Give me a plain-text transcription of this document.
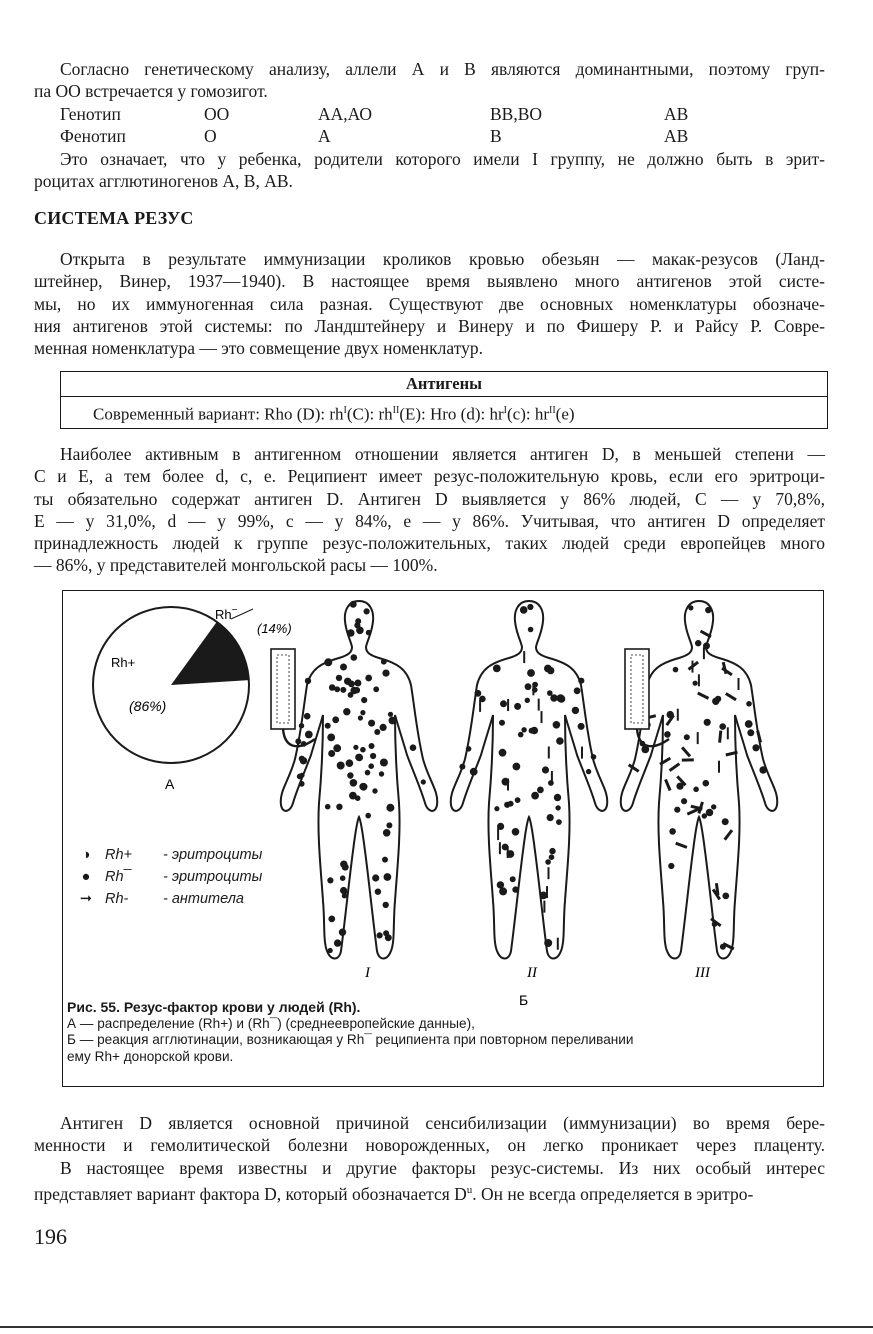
Согласно генетическому анализу, аллели А и В являются доминантными, поэтому груп-
па ОО встречается у гомозигот.
Генотип	ОО	АА,АО	ВВ,ВО	АВ
Фенотип	О	А	В	АВ
Это означает, что у ребенка, родители которого имели I группу, не должно быть в эрит-
роцитах агглютиногенов А, В, АВ.
СИСТЕМА РЕЗУС
Открыта в результате иммунизации кроликов кровью обезьян — макак-резусов (Ланд-
штейнер, Винер, 1937—1940). В настоящее время выявлено много антигенов этой систе-
мы, но их иммуногенная сила разная. Существуют две основных номенклатуры обозначе-
ния антигенов этой системы: по Ландштейнеру и Винеру и по Фишеру Р. и Райсу Р. Совре-
менная номенклатура — это совмещение двух номенклатур.
Антигены
Современный вариант: Rho (D): $rh^I(C)$: $rh^{II}(E)$: Hro (d): $hr^I(c)$: $hr^{II}(e)$
Наиболее активным в антигенном отношении является антиген D, в меньшей степени —
С и Е, а тем более d, с, е. Реципиент имеет резус-положительную кровь, если его эритроци-
ты обязательно содержат антиген D. Антиген D выявляется у 86% людей, С — у 70,8%,
Е — у 31,0%, d — у 99%, с — у 84%, е — у 86%. Учитывая, что антиген D определяет
принадлежность людей к группе резус-положительных, таких людей среди европейцев много
— 86%, у представителей монгольской расы — 100%.
Rh−
(14%)
Rh+
(86%)
А
I	II	III
Б
◑	Rh+ - эритроциты
●	Rh¯ - эритроциты
➞ Rh- - антитела
Рис. 55. Резус-фактор крови у людей (Rh).
А — распределение (Rh+) и (Rh¯) (среднеевропейские данные),
Б — реакция агглютинации, возникающая у Rh¯ реципиента при повторном переливании
ему Rh+ донорской крови.
Антиген D является основной причиной сенсибилизации (иммунизации) во время бере-
менности и гемолитической болезни новорожденных, он легко проникает через плаценту.
В настоящее время известны и другие факторы резус-системы. Из них особый интерес
представляет вариант фактора D, который обозначается $D^u$. Он не всегда определяется в эритро-
196
